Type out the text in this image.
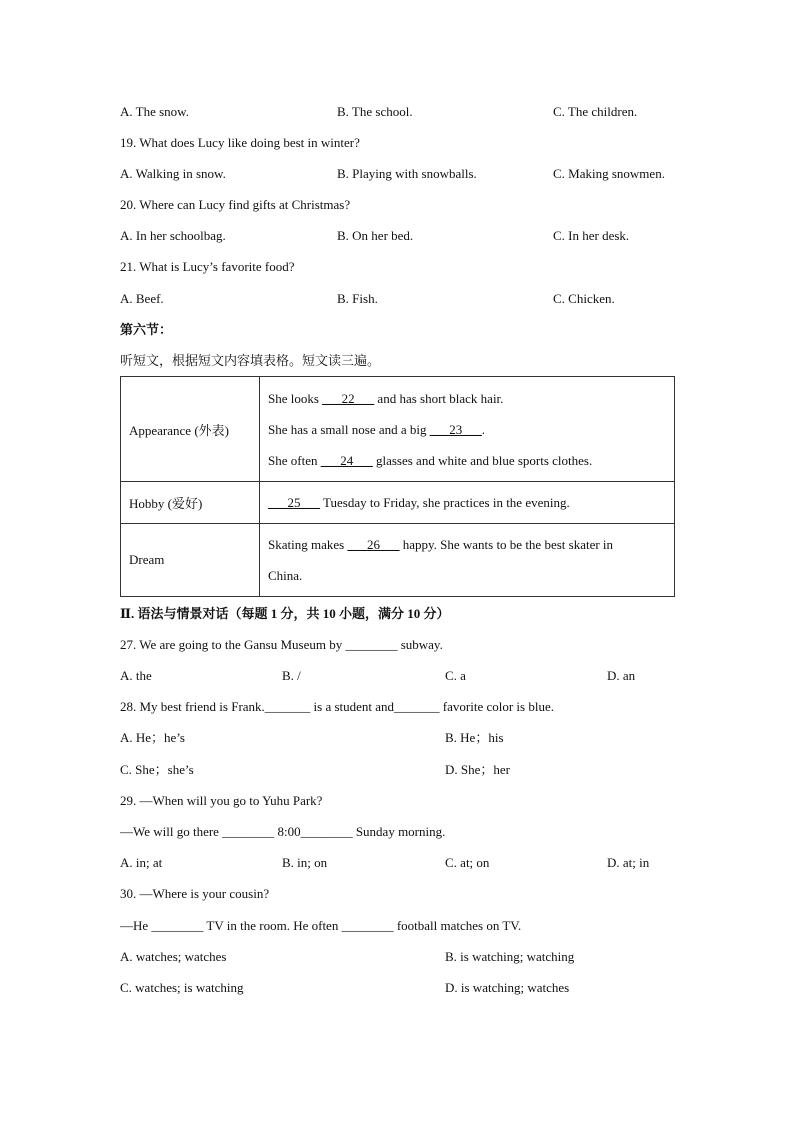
A. The snow.	B. The school.	C. The children.
19. What does Lucy like doing best in winter?
A. Walking in snow.	B. Playing with snowballs.	C. Making snowmen.
20. Where can Lucy find gifts at Christmas?
A. In her schoolbag.	B. On her bed.	C. In her desk.
21. What is Lucy’s favorite food?
A. Beef.	B. Fish.	C. Chicken.
第六节：
听短文，根据短文内容填表格。短文读三遍。
Appearance (外表)	She looks ___22___ and has short black hair.
She has a small nose and a big ___23___.
She often ___24___ glasses and white and blue sports clothes.

Hobby (爱好)	___25___ Tuesday to Friday, she practices in the evening.

Dream	Skating makes ___26___ happy. She wants to be the best skater in
China.
Ⅱ. 语法与情景对话（每题 1 分，共 10 小题，满分 10 分）
27. We are going to the Gansu Museum by ________ subway.
A. the	B. /	C. a	D. an
28. My best friend is Frank._______ is a student and_______ favorite color is blue.
A. He；he’s	B. He；his
C. She；she’s	D. She；her
29. —When will you go to Yuhu Park?
—We will go there ________ 8:00________ Sunday morning.
A. in; at	B. in; on	C. at; on	D. at; in
30. —Where is your cousin?
—He ________ TV in the room. He often ________ football matches on TV.
A. watches; watches	B. is watching; watching
C. watches; is watching	D. is watching; watches
